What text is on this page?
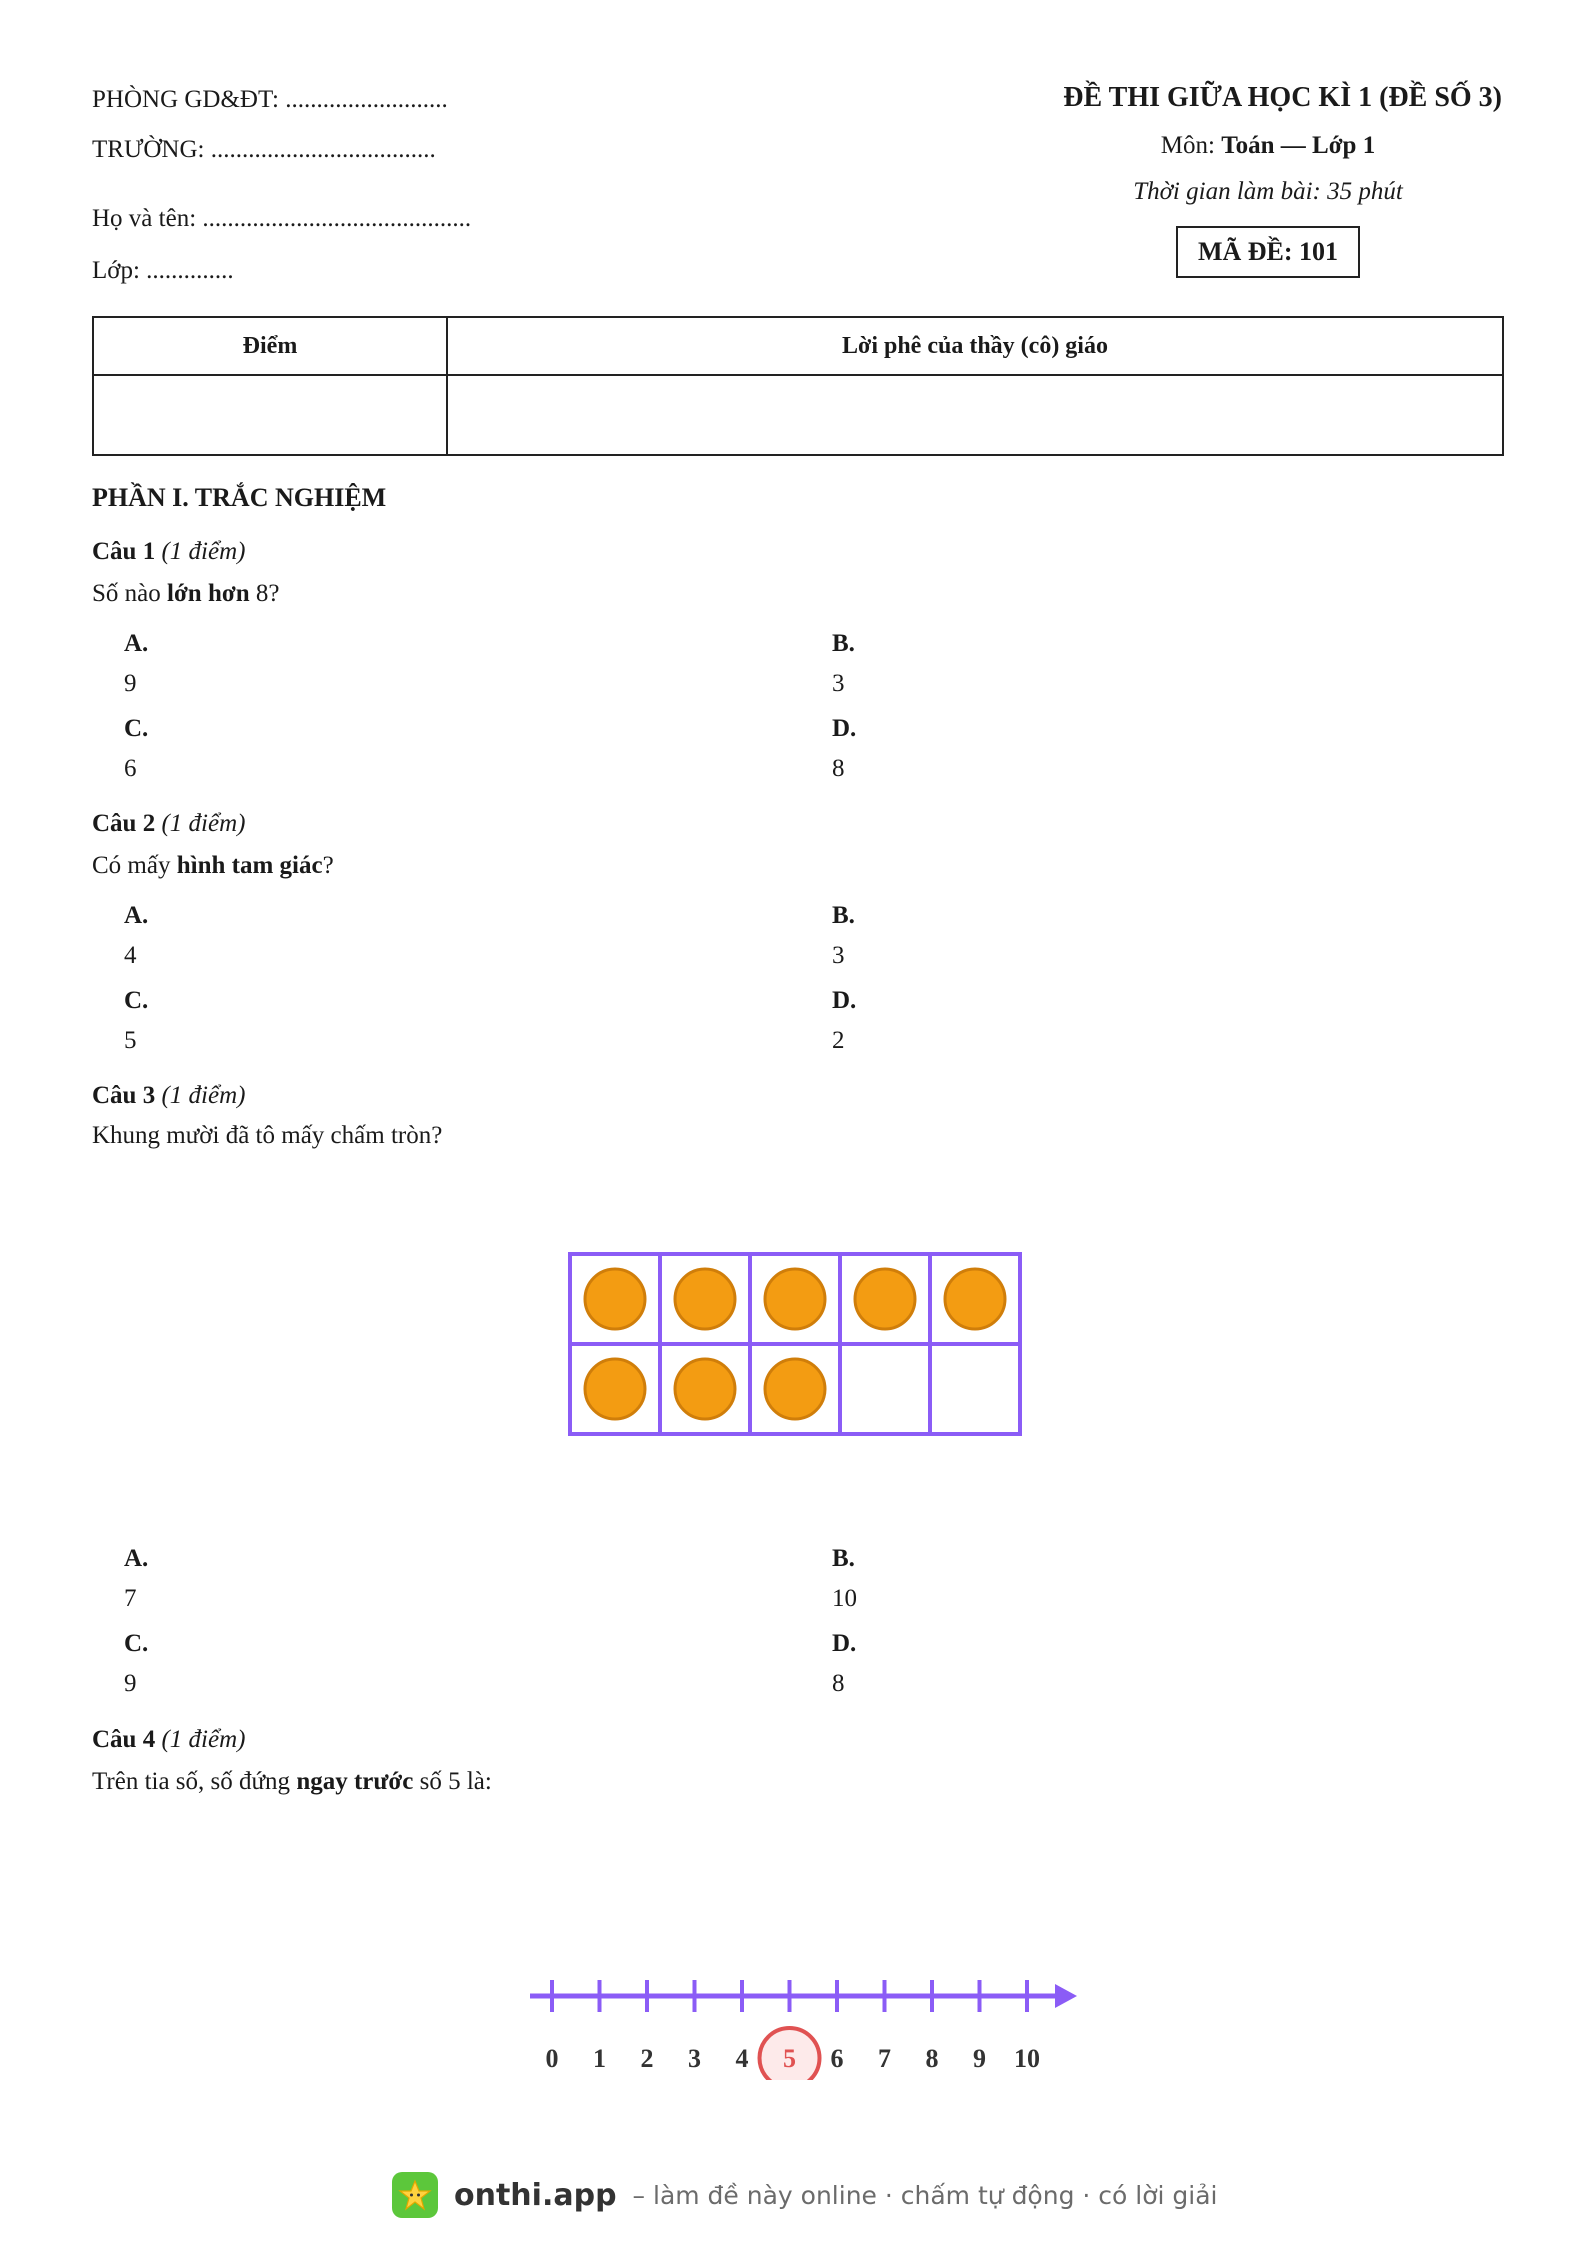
PHÒNG GD&ĐT: ..........................
TRƯỜNG: ....................................
Họ và tên: ...........................................
Lớp: ..............
ĐỀ THI GIỮA HỌC KÌ 1 (ĐỀ SỐ 3)
Môn: Toán — Lớp 1
Thời gian làm bài: 35 phút
MÃ ĐỀ: 101
Điểm	Lời phê của thầy (cô) giáo

PHẦN I. TRẮC NGHIỆM
Câu 1 (1 điểm)
Số nào lớn hơn 8?
A.
9
B.
3
C.
6
D.
8
Câu 2 (1 điểm)
Có mấy hình tam giác?
A.
4
B.
3
C.
5
D.
2
Câu 3 (1 điểm)
Khung mười đã tô mấy chấm tròn?
A.
7
B.
10
C.
9
D.
8
Câu 4 (1 điểm)
Trên tia số, số đứng ngay trước số 5 là:
0 1 2 3 4 5 6 7 8 9 10
onthi.app – làm đề này online · chấm tự động · có lời giải
